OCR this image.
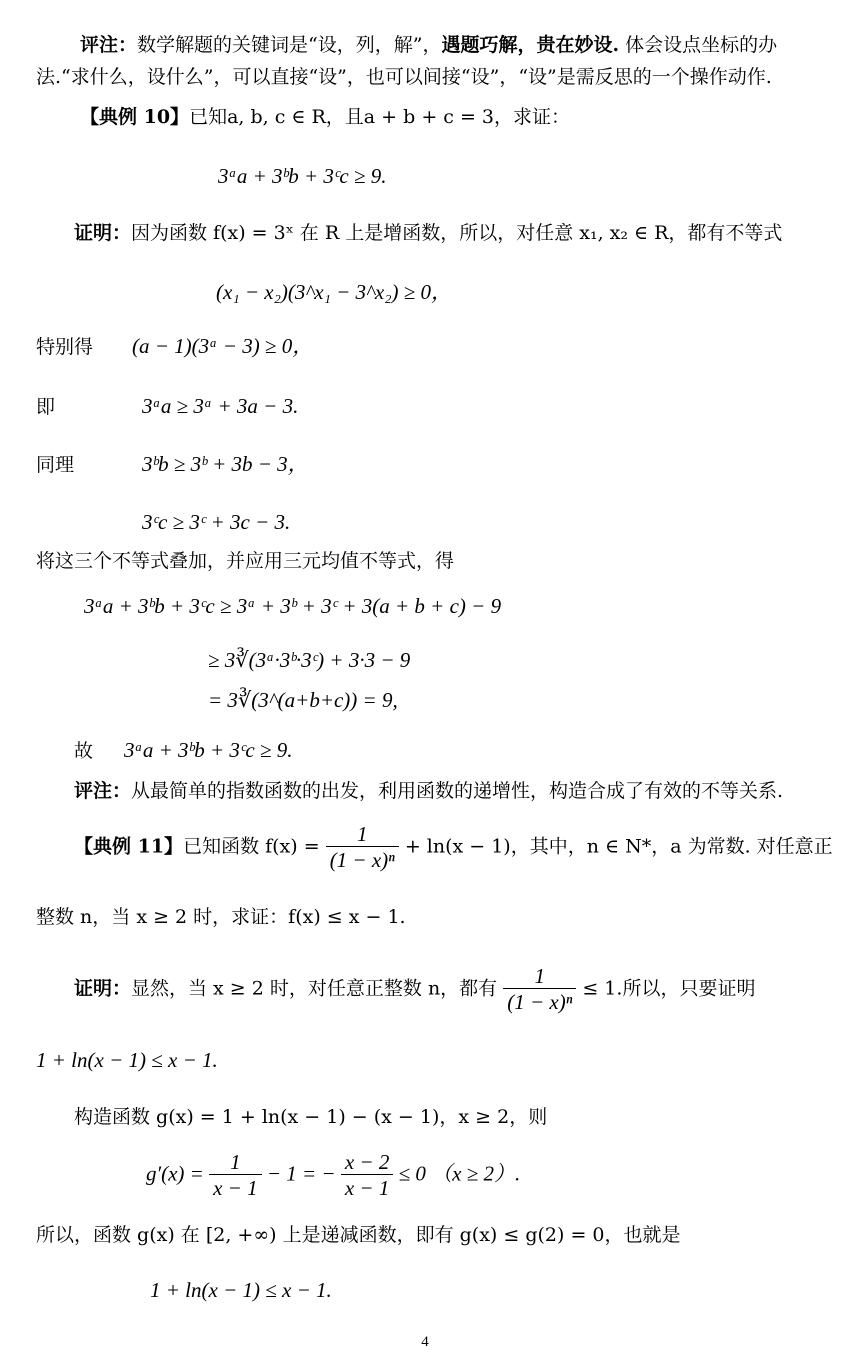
评注：数学解题的关键词是“设，列，解”，遇题巧解，贵在妙设. 体会设点坐标的办
法.“求什么，设什么”，可以直接“设”，也可以间接“设”，“设”是需反思的一个操作动作.
【典例 10】已知a, b, c ∈ R，且a + b + c = 3，求证：
3ᵃa + 3ᵇb + 3ᶜc ≥ 9.
证明：因为函数 f(x) = 3ˣ 在 R 上是增函数，所以，对任意 x₁, x₂ ∈ R，都有不等式
(x₁ − x₂)(3^x₁ − 3^x₂) ≥ 0，
特别得 (a − 1)(3ᵃ − 3) ≥ 0，
即	3ᵃa ≥ 3ᵃ + 3a − 3.
同理	3ᵇb ≥ 3ᵇ + 3b − 3，
3ᶜc ≥ 3ᶜ + 3c − 3.
将这三个不等式叠加，并应用三元均值不等式，得
3ᵃa + 3ᵇb + 3ᶜc ≥ 3ᵃ + 3ᵇ + 3ᶜ + 3(a + b + c) − 9
≥ 3∛(3ᵃ·3ᵇ·3ᶜ) + 3·3 − 9
= 3∛(3^(a+b+c)) = 9,
故 3ᵃa + 3ᵇb + 3ᶜc ≥ 9.
评注：从最简单的指数函数的出发，利用函数的递增性，构造合成了有效的不等关系.
【典例 11】已知函数 $f(x) = \frac{1}{\text{(1 − x)ⁿ}} + \ln(x - 1)$，其中，n ∈ N*，a 为常数. 对任意正
整数 n，当 x ≥ 2 时，求证：f(x) ≤ x − 1.
证明：显然，当 x ≥ 2 时，对任意正整数 n，都有 $\frac{1}{\text{(1 − x)ⁿ}} \le 1$.所以，只要证明
1 + ln(x − 1) ≤ x − 1.
构造函数 g(x) = 1 + ln(x − 1) − (x − 1)，x ≥ 2，则
$g'(x) = \frac{1}{x - 1} - 1$ = − $\frac{x - 2}{x - 1} \le 0$ （x ≥ 2）.
所以，函数 g(x) 在 [2, +∞) 上是递减函数，即有 g(x) ≤ g(2) = 0，也就是
1 + ln(x − 1) ≤ x − 1.
4
